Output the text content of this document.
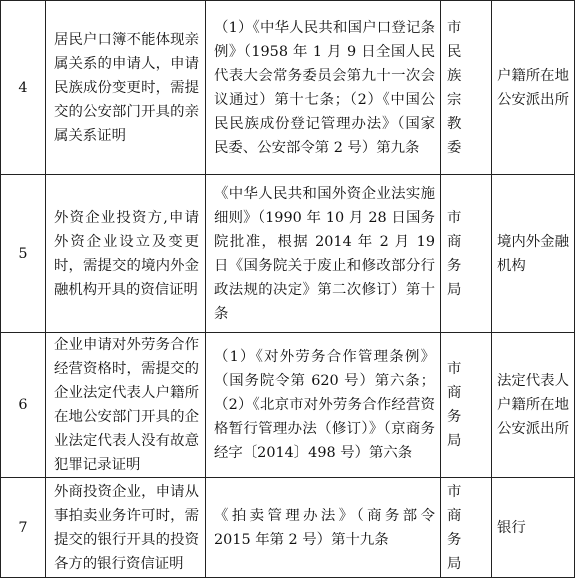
4	居民户口簿不能体现亲属关系的申请人，申请民族成份变更时，需提交的公安部门开具的亲属关系证明	（1）《中华人民共和国户口登记条例》（1958 年 1 月 9 日全国人民代表大会常务委员会第九十一次会议通过）第十七条；（2）《中国公民民族成份登记管理办法》（国家民委、公安部令第 2 号）第九条	市民族宗教委	户籍所在地公安派出所
5	外资企业投资方,申请外资企业设立及变更时，需提交的境内外金融机构开具的资信证明	《中华人民共和国外资企业法实施细则》（1990 年 10 月 28 日国务院批准，根据 2014 年 2 月 19 日《国务院关于废止和修改部分行政法规的决定》第二次修订）第十条	市商务局	境内外金融机构
6	企业申请对外劳务合作经营资格时，需提交的企业法定代表人户籍所在地公安部门开具的企业法定代表人没有故意犯罪记录证明	（1）《对外劳务合作管理条例》（国务院令第 620 号）第六条；（2）《北京市对外劳务合作经营资格暂行管理办法（修订）》（京商务经字〔2014〕498 号）第六条	市商务局	法定代表人户籍所在地公安派出所
7	外商投资企业，申请从事拍卖业务许可时，需提交的银行开具的投资各方的银行资信证明	《拍卖管理办法》（商务部令 2015 年第 2 号）第十九条	市商务局	银行
